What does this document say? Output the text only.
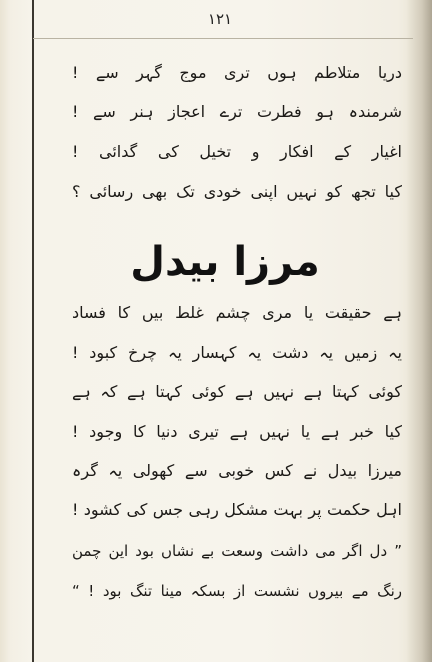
۱۲۱
دریا متلاطم ہوں تری موج گہر سے !
شرمندہ ہو فطرت ترے اعجاز ہنر سے !
اغیار کے افکار و تخیل کی گدائی !
کیا تجھ کو نہیں اپنی خودی تک بھی رسائی ؟
مرزا بیدل
ہے حقیقت یا مری چشم غلط بیں کا فساد
یہ زمیں یہ دشت یہ کہسار یہ چرخ کبود !
کوئی کہتا ہے نہیں ہے کوئی کہتا ہے کہ ہے
کیا خبر ہے یا نہیں ہے تیری دنیا کا وجود !
میرزا بیدل نے کس خوبی سے کھولی یہ گرہ
اہل حکمت پر بہت مشکل رہی جس کی کشود !
” دل اگر می داشت وسعت بے نشاں بود این چمن
رنگ مے بیروں نشست از بسکہ مینا تنگ بود ! “
